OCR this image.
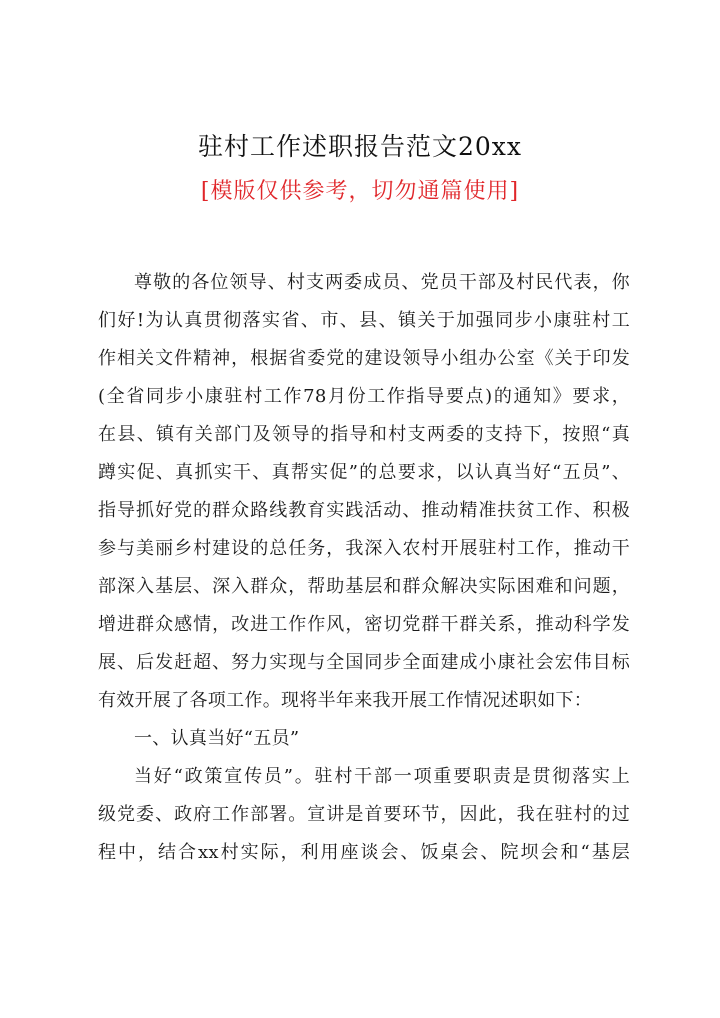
驻村工作述职报告范文20xx
[模版仅供参考，切勿通篇使用]
尊敬的各位领导、村支两委成员、党员干部及村民代表，你
们好!为认真贯彻落实省、市、县、镇关于加强同步小康驻村工
作相关文件精神，根据省委党的建设领导小组办公室《关于印发
(全省同步小康驻村工作78月份工作指导要点)的通知》要求，
在县、镇有关部门及领导的指导和村支两委的支持下，按照“真
蹲实促、真抓实干、真帮实促”的总要求，以认真当好“五员”、
指导抓好党的群众路线教育实践活动、推动精准扶贫工作、积极
参与美丽乡村建设的总任务，我深入农村开展驻村工作，推动干
部深入基层、深入群众，帮助基层和群众解决实际困难和问题，
增进群众感情，改进工作作风，密切党群干群关系，推动科学发
展、后发赶超、努力实现与全国同步全面建成小康社会宏伟目标
有效开展了各项工作。现将半年来我开展工作情况述职如下：
一、认真当好“五员”
当好“政策宣传员”。驻村干部一项重要职责是贯彻落实上
级党委、政府工作部署。宣讲是首要环节，因此，我在驻村的过
程中，结合xx村实际，利用座谈会、饭桌会、院坝会和“基层
